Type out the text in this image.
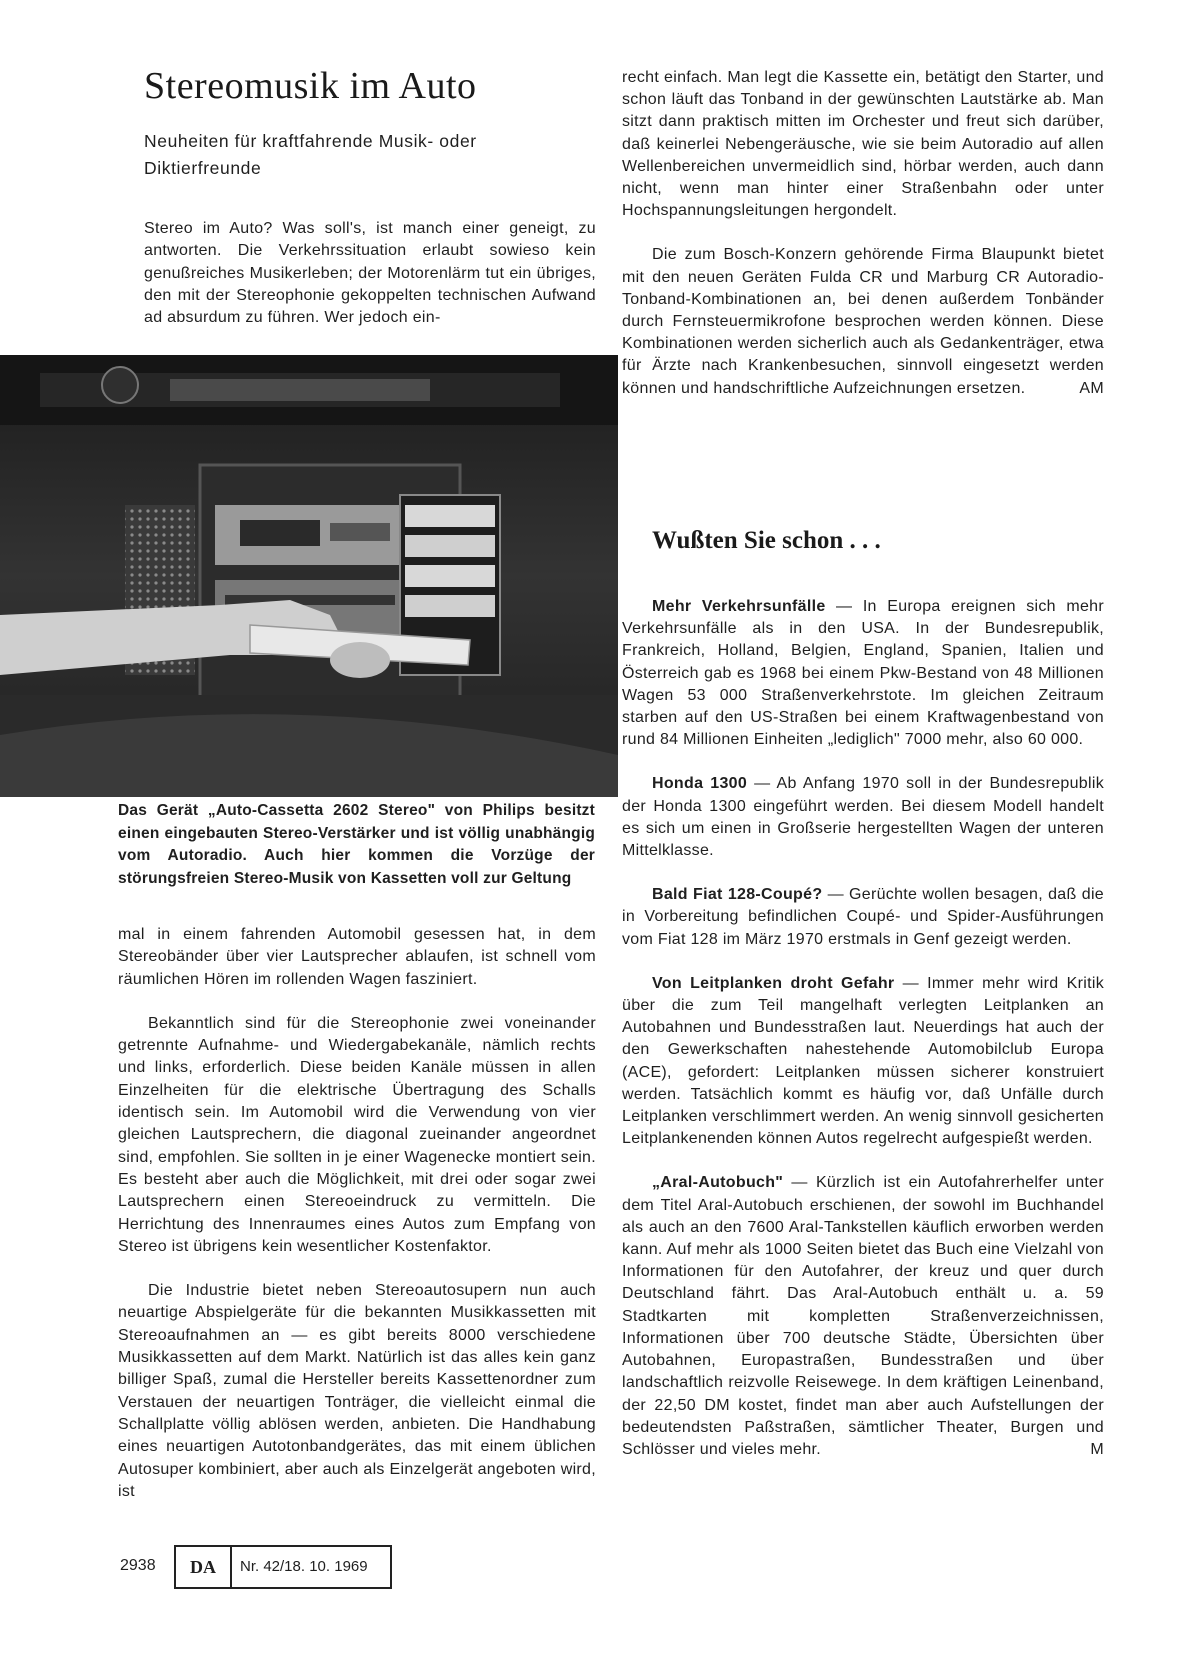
Stereomusik im Auto

Neuheiten für kraftfahrende Musik- oder Diktierfreunde

Stereo im Auto? Was soll's, ist manch einer geneigt, zu antworten. Die Verkehrssituation erlaubt sowieso kein genußreiches Musikerleben; der Motorenlärm tut ein übriges, den mit der Stereophonie gekoppelten technischen Aufwand ad absurdum zu führen. Wer jedoch ein-

Das Gerät „Auto-Cassetta 2602 Stereo" von Philips besitzt einen eingebauten Stereo-Verstärker und ist völlig unabhängig vom Autoradio. Auch hier kommen die Vorzüge der störungsfreien Stereo-Musik von Kassetten voll zur Geltung

mal in einem fahrenden Automobil gesessen hat, in dem Stereobänder über vier Lautsprecher ablaufen, ist schnell vom räumlichen Hören im rollenden Wagen fasziniert.

Bekanntlich sind für die Stereophonie zwei voneinander getrennte Aufnahme- und Wiedergabekanäle, nämlich rechts und links, erforderlich. Diese beiden Kanäle müssen in allen Einzelheiten für die elektrische Übertragung des Schalls identisch sein. Im Automobil wird die Verwendung von vier gleichen Lautsprechern, die diagonal zueinander angeordnet sind, empfohlen. Sie sollten in je einer Wagenecke montiert sein. Es besteht aber auch die Möglichkeit, mit drei oder sogar zwei Lautsprechern einen Stereoeindruck zu vermitteln. Die Herrichtung des Innenraumes eines Autos zum Empfang von Stereo ist übrigens kein wesentlicher Kostenfaktor.

Die Industrie bietet neben Stereoautosupern nun auch neuartige Abspielgeräte für die bekannten Musikkassetten mit Stereoaufnahmen an — es gibt bereits 8000 verschiedene Musikkassetten auf dem Markt. Natürlich ist das alles kein ganz billiger Spaß, zumal die Hersteller bereits Kassettenordner zum Verstauen der neuartigen Tonträger, die vielleicht einmal die Schallplatte völlig ablösen werden, anbieten. Die Handhabung eines neuartigen Autotonbandgerätes, das mit einem üblichen Autosuper kombiniert, aber auch als Einzelgerät angeboten wird, ist

recht einfach. Man legt die Kassette ein, betätigt den Starter, und schon läuft das Tonband in der gewünschten Lautstärke ab. Man sitzt dann praktisch mitten im Orchester und freut sich darüber, daß keinerlei Nebengeräusche, wie sie beim Autoradio auf allen Wellenbereichen unvermeidlich sind, hörbar werden, auch dann nicht, wenn man hinter einer Straßenbahn oder unter Hochspannungsleitungen hergondelt.

Die zum Bosch-Konzern gehörende Firma Blaupunkt bietet mit den neuen Geräten Fulda CR und Marburg CR Autoradio-Tonband-Kombinationen an, bei denen außerdem Tonbänder durch Fernsteuermikrofone besprochen werden können. Diese Kombinationen werden sicherlich auch als Gedankenträger, etwa für Ärzte nach Krankenbesuchen, sinnvoll eingesetzt werden können und handschriftliche Aufzeichnungen ersetzen.	AM

Wußten Sie schon . . .

Mehr Verkehrsunfälle — In Europa ereignen sich mehr Verkehrsunfälle als in den USA. In der Bundesrepublik, Frankreich, Holland, Belgien, England, Spanien, Italien und Österreich gab es 1968 bei einem Pkw-Bestand von 48 Millionen Wagen 53 000 Straßenverkehrstote. Im gleichen Zeitraum starben auf den US-Straßen bei einem Kraftwagenbestand von rund 84 Millionen Einheiten „lediglich" 7000 mehr, also 60 000.

Honda 1300 — Ab Anfang 1970 soll in der Bundesrepublik der Honda 1300 eingeführt werden. Bei diesem Modell handelt es sich um einen in Großserie hergestellten Wagen der unteren Mittelklasse.

Bald Fiat 128-Coupé? — Gerüchte wollen besagen, daß die in Vorbereitung befindlichen Coupé- und Spider-Ausführungen vom Fiat 128 im März 1970 erstmals in Genf gezeigt werden.

Von Leitplanken droht Gefahr — Immer mehr wird Kritik über die zum Teil mangelhaft verlegten Leitplanken an Autobahnen und Bundesstraßen laut. Neuerdings hat auch der den Gewerkschaften nahestehende Automobilclub Europa (ACE), gefordert: Leitplanken müssen sicherer konstruiert werden. Tatsächlich kommt es häufig vor, daß Unfälle durch Leitplanken verschlimmert werden. An wenig sinnvoll gesicherten Leitplankenenden können Autos regelrecht aufgespießt werden.

„Aral-Autobuch" — Kürzlich ist ein Autofahrerhelfer unter dem Titel Aral-Autobuch erschienen, der sowohl im Buchhandel als auch an den 7600 Aral-Tankstellen käuflich erworben werden kann. Auf mehr als 1000 Seiten bietet das Buch eine Vielzahl von Informationen für den Autofahrer, der kreuz und quer durch Deutschland fährt. Das Aral-Autobuch enthält u. a. 59 Stadtkarten mit kompletten Straßenverzeichnissen, Informationen über 700 deutsche Städte, Übersichten über Autobahnen, Europastraßen, Bundesstraßen und über landschaftlich reizvolle Reisewege. In dem kräftigen Leinenband, der 22,50 DM kostet, findet man aber auch Aufstellungen der bedeutendsten Paßstraßen, sämtlicher Theater, Burgen und Schlösser und vieles mehr.	M

2938	DA	Nr. 42/18. 10. 1969
